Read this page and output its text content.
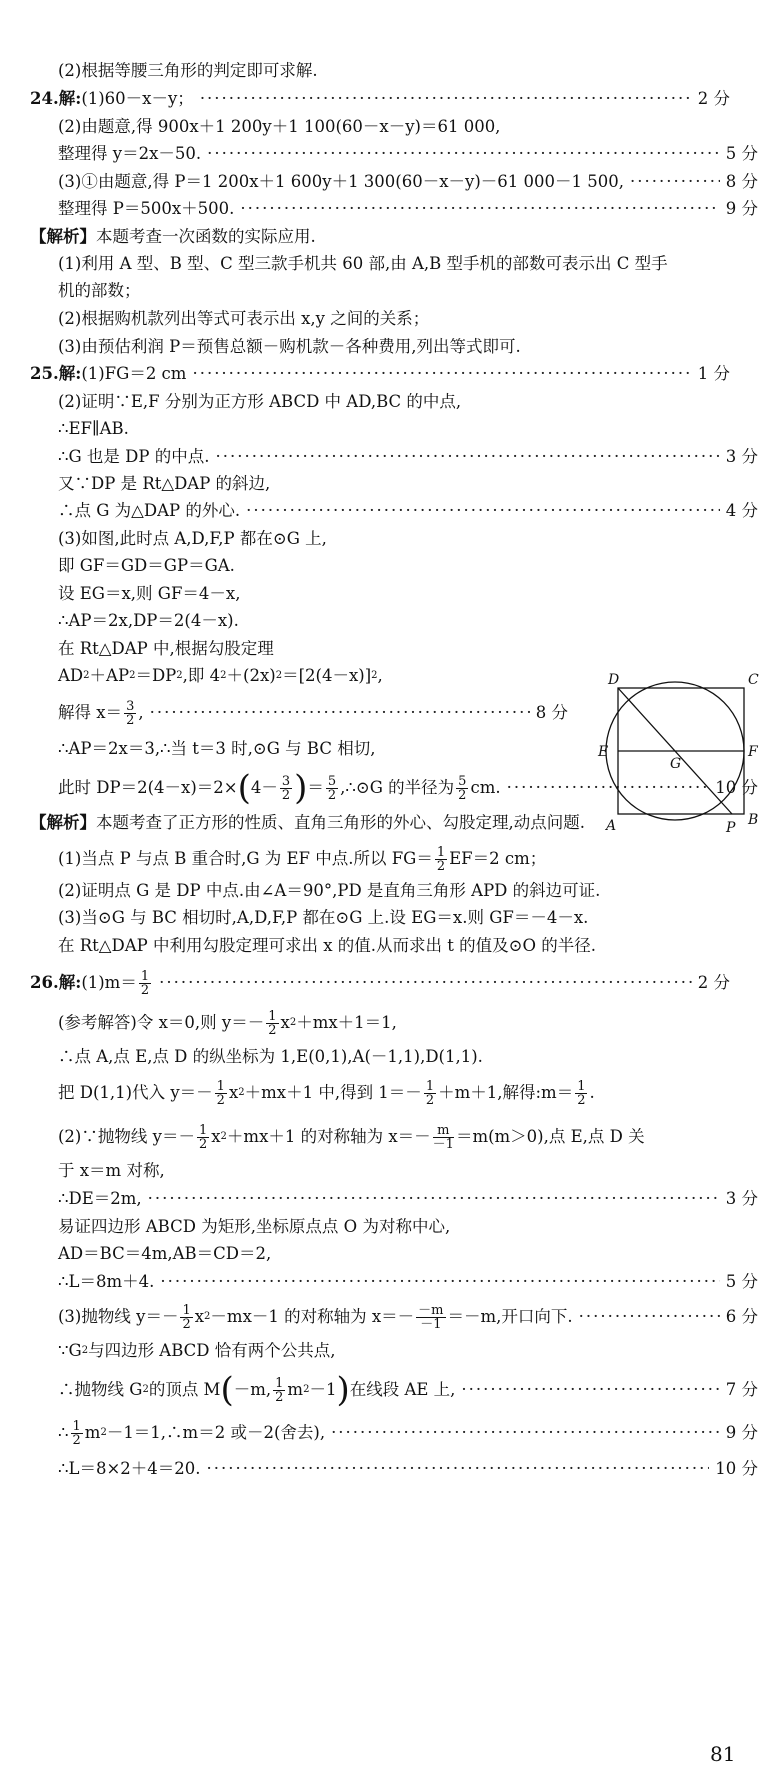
(2)根据等腰三角形的判定即可求解.
24. 解: (1)60－x－y； ·····	2 分
(2)由题意,得 900x＋1 200y＋1 100(60－x－y)＝61 000,
整理得 y＝2x－50. ·····	5 分
(3)①由题意,得 P＝1 200x＋1 600y＋1 300(60－x－y)－61 000－1 500, ·····	8 分
整理得 P＝500x＋500. ·····	9 分
【解析】 本题考查一次函数的实际应用.
(1)利用 A 型、B 型、C 型三款手机共 60 部,由 A,B 型手机的部数可表示出 C 型手
机的部数；
(2)根据购机款列出等式可表示出 x,y 之间的关系；
(3)由预估利润 P＝预售总额－购机款－各种费用,列出等式即可.
25. 解: (1)FG＝2 cm ·····	1 分
(2)证明∵E,F 分别为正方形 ABCD 中 AD,BC 的中点,
∴EF∥AB.
∴G 也是 DP 的中点. ·····	3 分
又∵DP 是 Rt△DAP 的斜边,
∴点 G 为△DAP 的外心. ·····	4 分
(3)如图,此时点 A,D,F,P 都在⊙G 上,
即 GF＝GD＝GP＝GA.
设 EG＝x,则 GF＝4－x,
∴AP＝2x,DP＝2(4－x).
在 Rt△DAP 中,根据勾股定理
AD 2 ＋AP 2 ＝DP 2 ,即 4 2 ＋(2x) 2 ＝[2(4－x)] 2 ,
解得 $x= \frac{3}{2}$ , ·····	8 分
∴AP＝2x＝3,∴当 t＝3 时,⊙G 与 BC 相切,
此时 DP＝2(4－x)＝2× ( $4- \frac{3}{2}$ ) ＝ $\frac{5}{2}$ ,∴⊙G 的半径为 $\frac{5}{2}$ cm. ·····	10 分
【解析】 本题考查了正方形的性质、直角三角形的外心、勾股定理,动点问题.
(1)当点 P 与点 B 重合时,G 为 EF 中点.所以 $FG= \frac{1}{2} EF=2$ cm；
(2)证明点 G 是 DP 中点.由∠A＝90°,PD 是直角三角形 APD 的斜边可证.
(3)当⊙G 与 BC 相切时,A,D,F,P 都在⊙G 上.设 EG＝x.则 GF＝－4－x.
在 Rt△DAP 中利用勾股定理可求出 x 的值.从而求出 t 的值及⊙O 的半径.
26. 解: $(1)m= \frac{1}{2}$ ·····	2 分
(参考解答)令 x＝0,则 $y=- \frac{1}{2}$ x 2 ＋mx＋1＝1,
∴点 A,点 E,点 D 的纵坐标为 1,E(0,1),A(－1,1),D(1,1).
把 D(1,1)代入 $y=- \frac{1}{2}$ x 2 ＋mx＋1 中,得到 $1=- \frac{1}{2} +m+1$,解得:m＝ $\frac{1}{2}$ .
(2)∵抛物线 $y=- \frac{1}{2}$ x 2 ＋mx＋1 的对称轴为 $x=- \frac{m}{-1} =m(m>0)$,点 E,点 D 关
于 x＝m 对称,
∴DE＝2m, ·····	3 分
易证四边形 ABCD 为矩形,坐标原点点 O 为对称中心,
AD＝BC＝4m,AB＝CD＝2,
∴L＝8m＋4. ·····	5 分
(3)抛物线 $y=- \frac{1}{2}$ x 2 －mx－1 的对称轴为 $x=- \frac{-m}{-1} =-m$,开口向下. ·····	6 分
∵G 2 与四边形 ABCD 恰有两个公共点,
∴抛物线 G 2 的顶点 M ( －m, $\frac{1}{2}$ m 2 －1 ) 在线段 AE 上, ·····	7 分
∴ $\frac{1}{2}$ m 2 －1＝1,∴m＝2 或－2(舍去), ·····	9 分
∴L＝8×2＋4＝20. ·····	10 分
D	C
E	F
G
A	P B
81
